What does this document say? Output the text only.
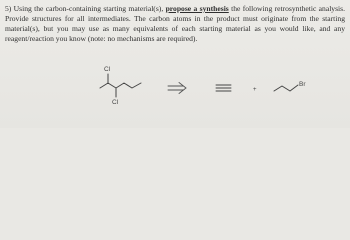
5) Using the carbon-containing starting material(s), propose a synthesis the following retrosynthetic analysis. Provide structures for all intermediates. The carbon atoms in the product must originate from the starting material(s), but you may use as many equivalents of each starting material as you would like, and any reagent/reaction you know (note: no mechanisms are required).
Cl
Cl
+
Br
